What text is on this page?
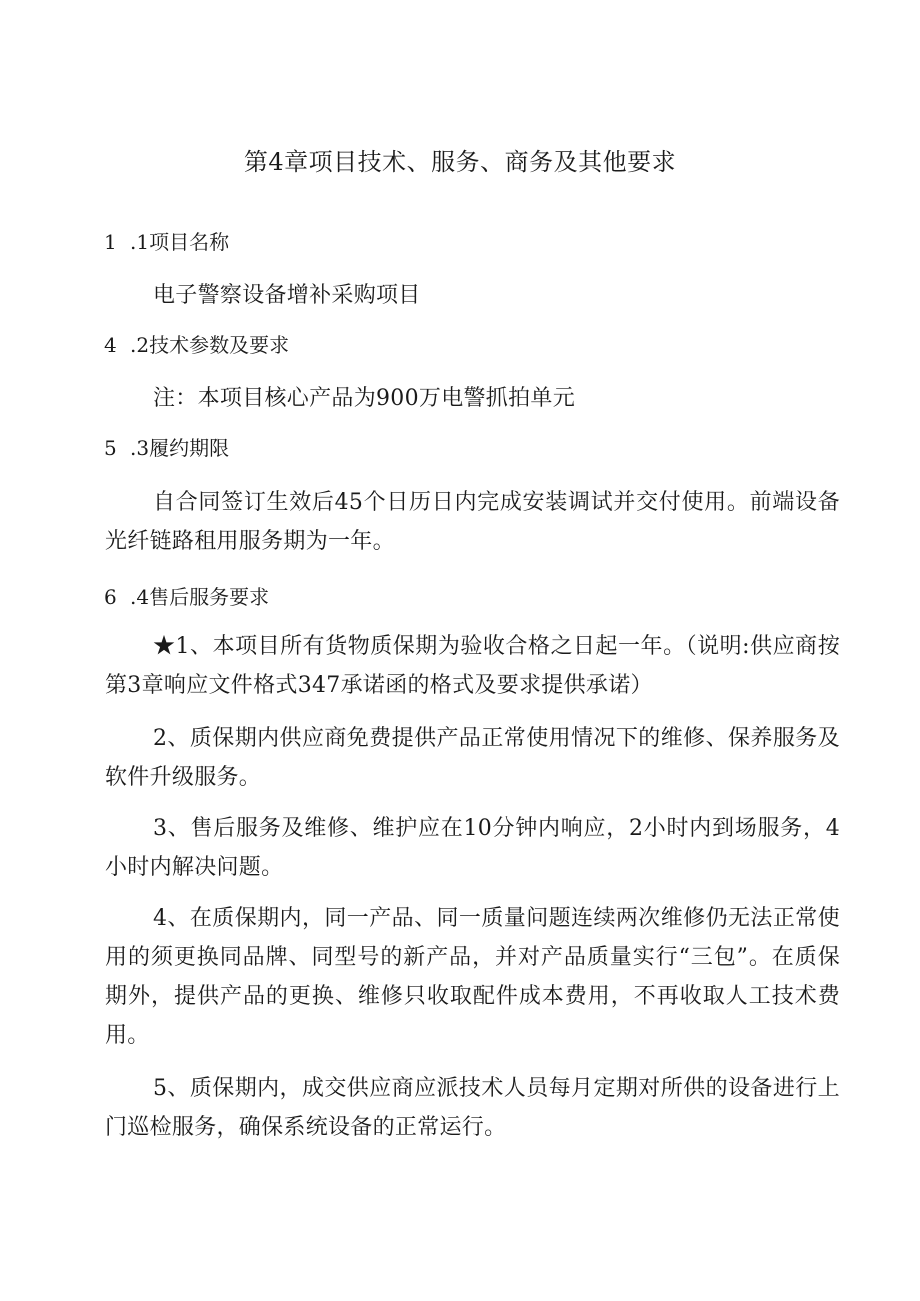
第4章项目技术、服务、商务及其他要求
1 .1项目名称

电子警察设备增补采购项目

4 .2技术参数及要求

注：本项目核心产品为900万电警抓拍单元

5 .3履约期限

自合同签订生效后45个日历日内完成安装调试并交付使用。前端设备光纤链路租用服务期为一年。

6 .4售后服务要求

★1、本项目所有货物质保期为验收合格之日起一年。（说明:供应商按第3章响应文件格式347承诺函的格式及要求提供承诺）

2、质保期内供应商免费提供产品正常使用情况下的维修、保养服务及软件升级服务。

3、售后服务及维修、维护应在10分钟内响应，2小时内到场服务，4小时内解决问题。

4、在质保期内，同一产品、同一质量问题连续两次维修仍无法正常使用的须更换同品牌、同型号的新产品，并对产品质量实行“三包”。在质保期外，提供产品的更换、维修只收取配件成本费用，不再收取人工技术费用。

5、质保期内，成交供应商应派技术人员每月定期对所供的设备进行上门巡检服务，确保系统设备的正常运行。
